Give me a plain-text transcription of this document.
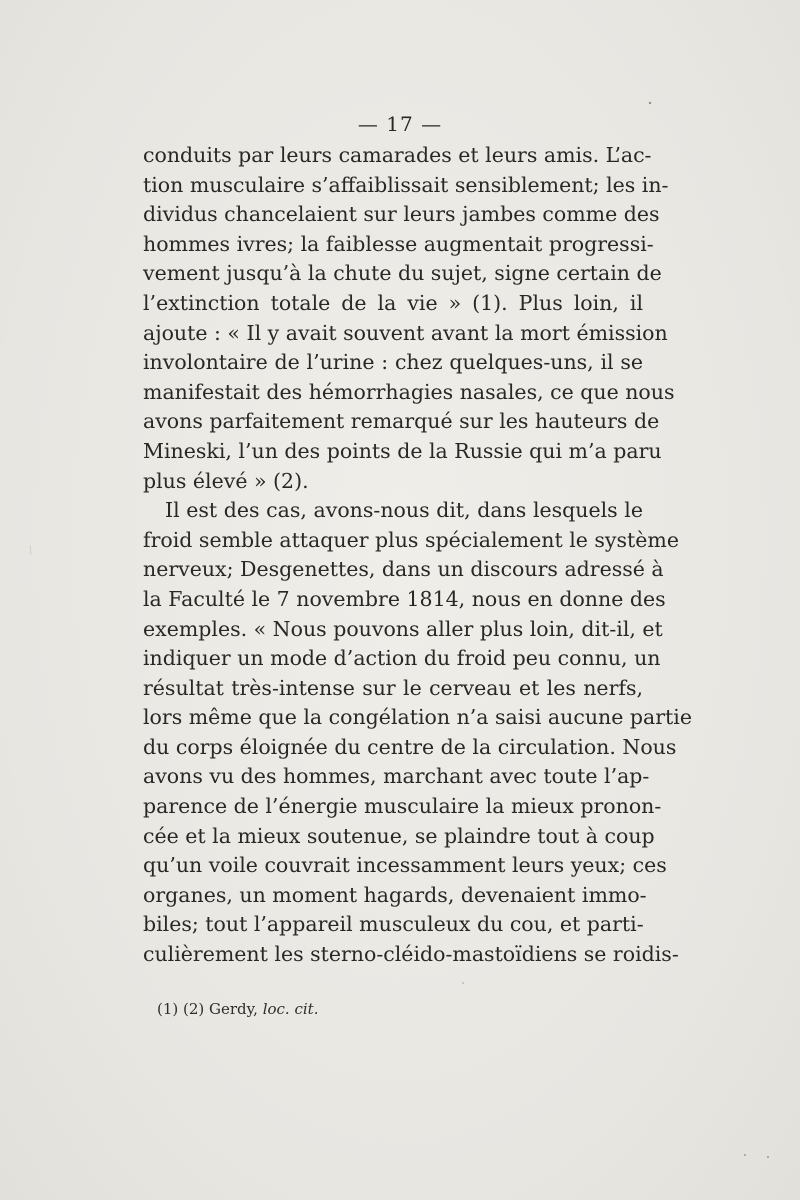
— 17 —
conduits par leurs camarades et leurs amis. L’ac-
tion musculaire s’affaiblissait sensiblement; les in-
dividus chancelaient sur leurs jambes comme des
hommes ivres; la faiblesse augmentait progressi-
vement jusqu’à la chute du sujet, signe certain de
l’extinction totale de la vie » (1). Plus loin, il
ajoute : « Il y avait souvent avant la mort émission
involontaire de l’urine : chez quelques-uns, il se
manifestait des hémorrhagies nasales, ce que nous
avons parfaitement remarqué sur les hauteurs de
Mineski, l’un des points de la Russie qui m’a paru
plus élevé » (2).
Il est des cas, avons-nous dit, dans lesquels le
froid semble attaquer plus spécialement le système
nerveux; Desgenettes, dans un discours adressé à
la Faculté le 7 novembre 1814, nous en donne des
exemples. « Nous pouvons aller plus loin, dit-il, et
indiquer un mode d’action du froid peu connu, un
résultat très-intense sur le cerveau et les nerfs,
lors même que la congélation n’a saisi aucune partie
du corps éloignée du centre de la circulation. Nous
avons vu des hommes, marchant avec toute l’ap-
parence de l’énergie musculaire la mieux pronon-
cée et la mieux soutenue, se plaindre tout à coup
qu’un voile couvrait incessamment leurs yeux; ces
organes, un moment hagards, devenaient immo-
biles; tout l’appareil musculeux du cou, et parti-
culièrement les sterno-cléido-mastoïdiens se roidis-
(1) (2) Gerdy, loc. cit.
